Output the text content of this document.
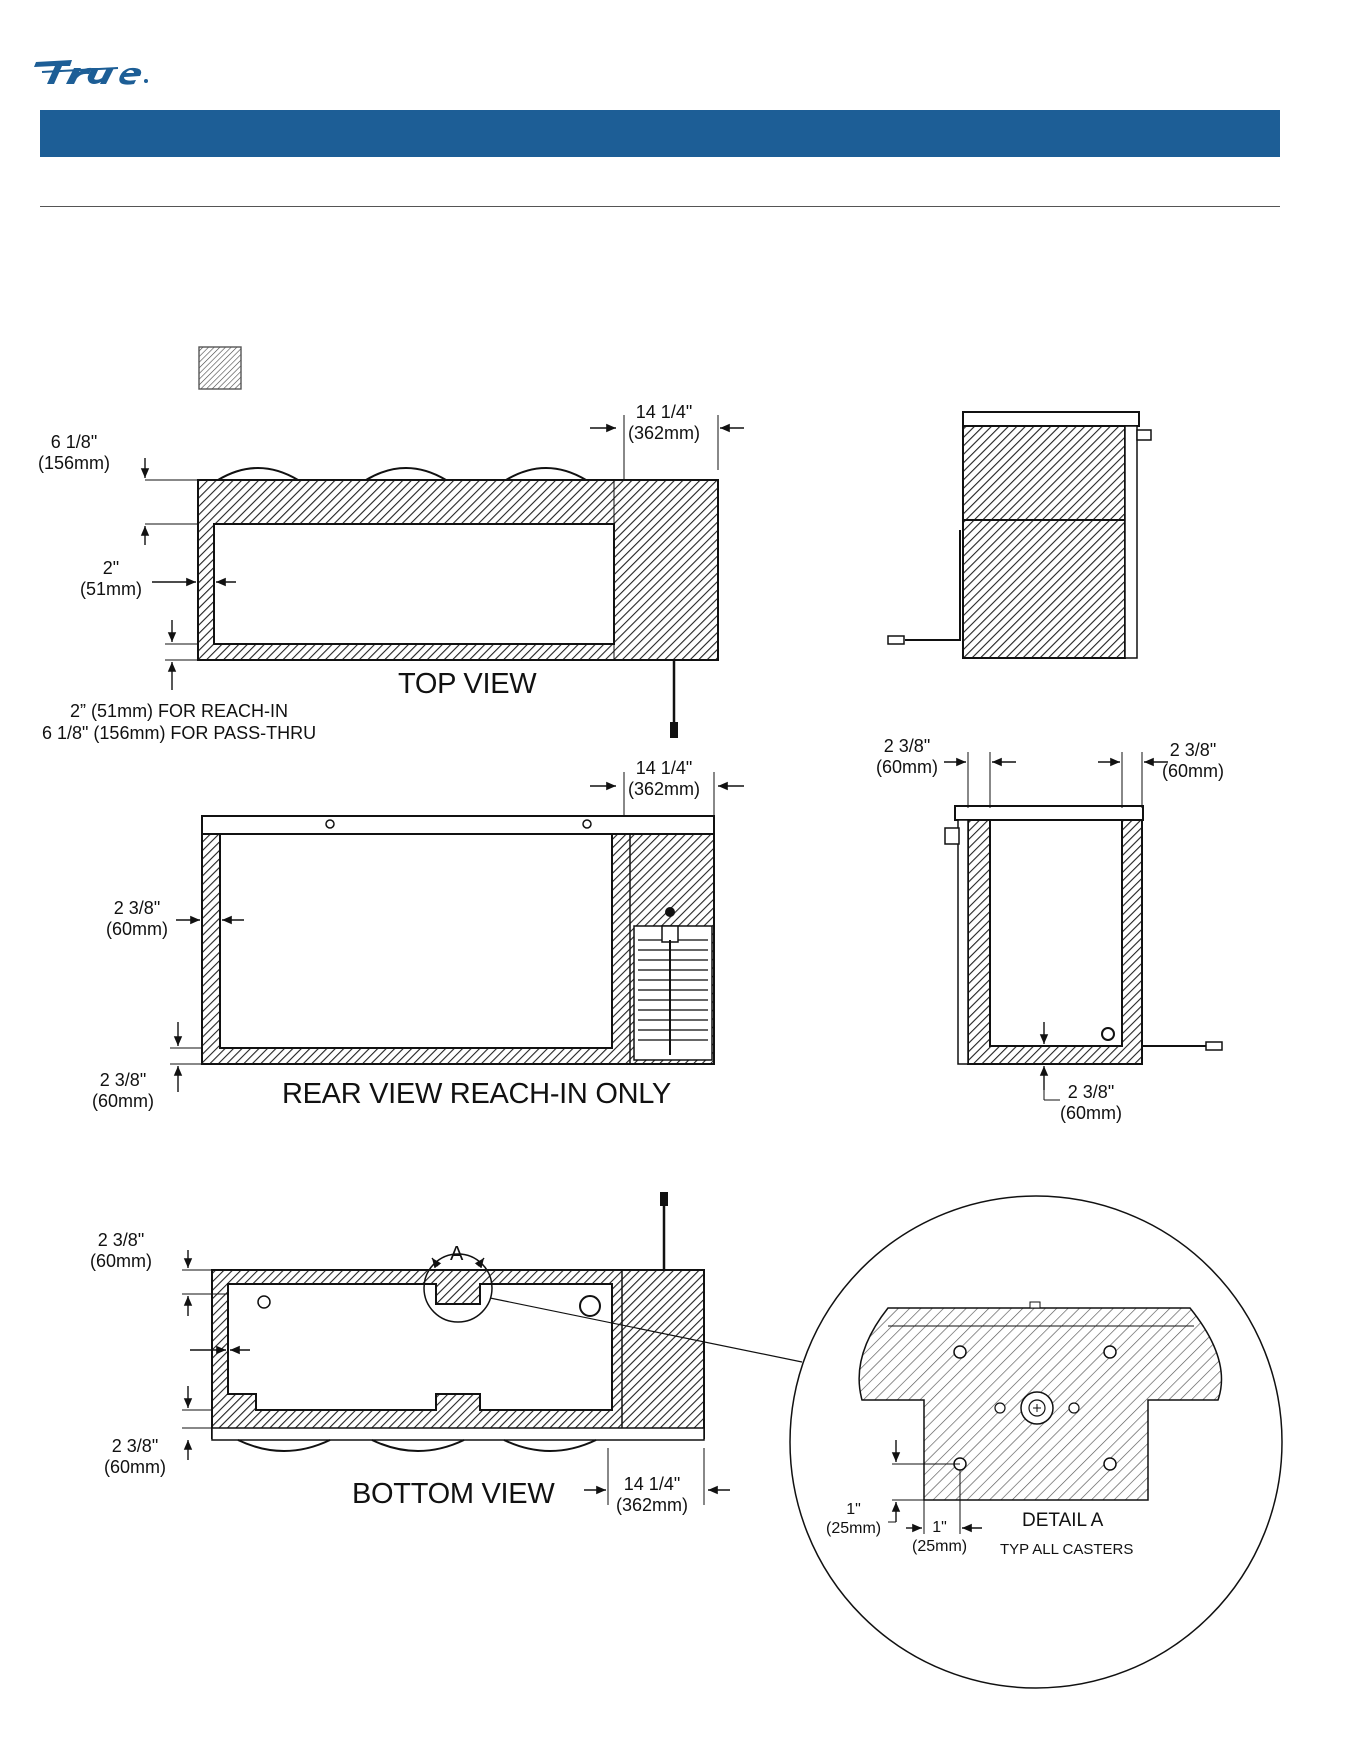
14 1/4"
(362mm)
6 1/8"
(156mm)
2"
(51mm)
TOP VIEW
2” (51mm) FOR REACH-IN
6 1/8" (156mm) FOR PASS-THRU
2 3/8"
(60mm)
2 3/8"
(60mm)
2 3/8"
(60mm)
14 1/4"
(362mm)
2 3/8"
(60mm)
2 3/8"
(60mm)	REAR VIEW REACH-IN ONLY
2 3/8"
(60mm)	A
2 3/8"
(60mm)
BOTTOM VIEW	14 1/4"
(362mm)	1"
(25mm)	1"
(25mm)
DETAIL A
TYP ALL CASTERS
